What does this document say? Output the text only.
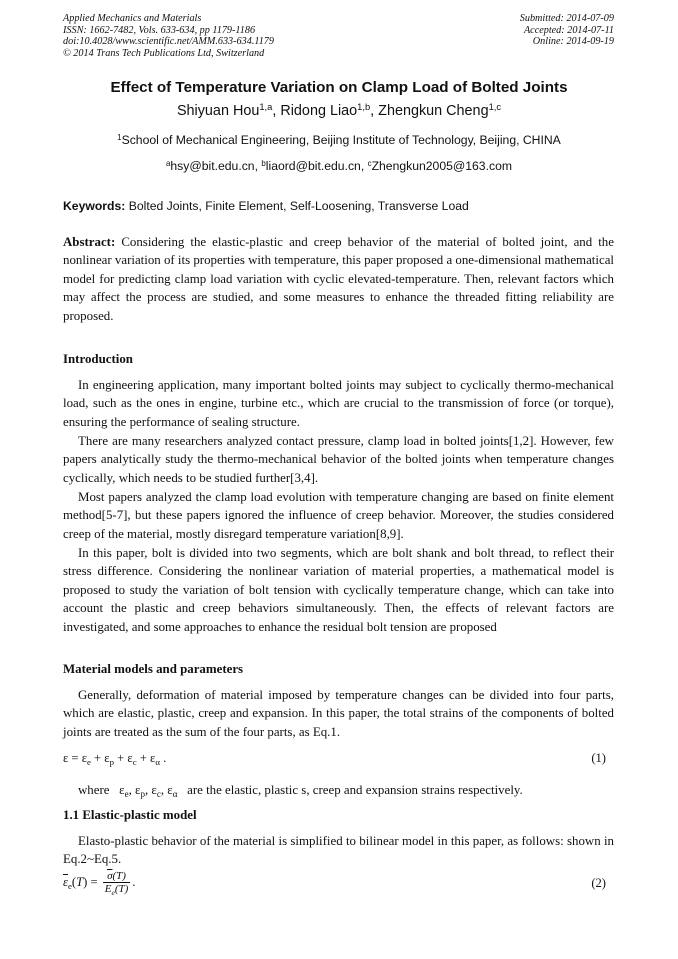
Applied Mechanics and Materials
ISSN: 1662-7482, Vols. 633-634, pp 1179-1186
doi:10.4028/www.scientific.net/AMM.633-634.1179
© 2014 Trans Tech Publications Ltd, Switzerland
Submitted: 2014-07-09
Accepted: 2014-07-11
Online: 2014-09-19
Effect of Temperature Variation on Clamp Load of Bolted Joints
Shiyuan Hou$^{1,a}$, Ridong Liao$^{1,b}$, Zhengkun Cheng$^{1,c}$
$^1$School of Mechanical Engineering, Beijing Institute of Technology, Beijing, CHINA
$^a$hsy@bit.edu.cn, $^b$liaord@bit.edu.cn, $^c$Zhengkun2005@163.com
Keywords: Bolted Joints, Finite Element, Self-Loosening, Transverse Load

Abstract: Considering the elastic-plastic and creep behavior of the material of bolted joint, and the nonlinear variation of its properties with temperature, this paper proposed a one-dimensional mathematical model for predicting clamp load variation with cyclic elevated-temperature. Then, relevant factors which may affect the process are studied, and some measures to enhance the threaded fitting reliability are proposed.

Introduction

In engineering application, many important bolted joints may subject to cyclically thermo-mechanical load, such as the ones in engine, turbine etc., which are crucial to the transmission of force (or torque), ensuring the performance of sealing structure.

There are many researchers analyzed contact pressure, clamp load in bolted joints[1,2]. However, few papers analytically study the thermo-mechanical behavior of the bolted joints when temperature changes cyclically, which needs to be studied further[3,4].

Most papers analyzed the clamp load evolution with temperature changing are based on finite element method[5-7], but these papers ignored the influence of creep behavior. Moreover, the studies considered creep of the material, mostly disregard temperature variation[8,9].

In this paper, bolt is divided into two segments, which are bolt shank and bolt thread, to reflect their stress difference. Considering the nonlinear variation of material properties, a mathematical model is proposed to study the variation of bolt tension with cyclically temperature change, which can take into account the plastic and creep behaviors simultaneously. Then, the effects of relevant factors are investigated, and some approaches to enhance the residual bolt tension are proposed

Material models and parameters

Generally, deformation of material imposed by temperature changes can be divided into four parts, which are elastic, plastic, creep and expansion. In this paper, the total strains of the components of bolted joints are treated as the sum of the four parts, as Eq.1.

$\varepsilon = \varepsilon_e + \varepsilon_p + \varepsilon_c + \varepsilon_\alpha$ .	(1)
where   $\varepsilon_e$, $\varepsilon_p$, $\varepsilon_c$, $\varepsilon_\alpha$ are the elastic, plastic s, creep and expansion strains respectively.
1.1 Elastic-plastic model

Elasto-plastic behavior of the material is simplified to bilinear model in this paper, as follows: shown in Eq.2~Eq.5.

$\overline{\varepsilon}_e(T) = \frac{\overline{\sigma}(T)}{E_e(T)}$ .	(2)
